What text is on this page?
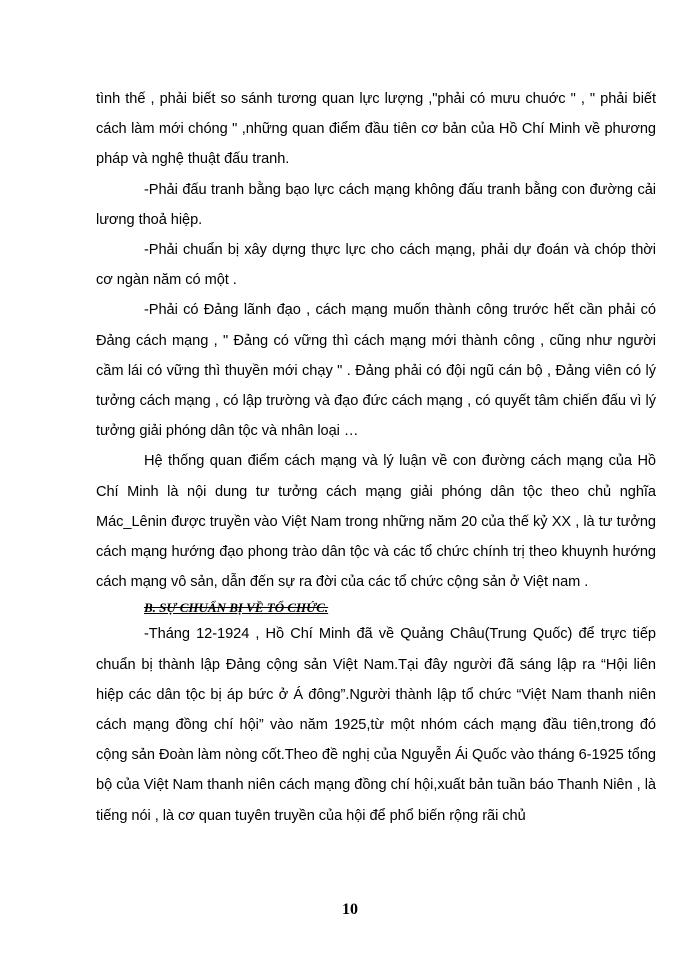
tình thế , phải biết so sánh tương quan lực lượng ,"phải có mưu chuớc " , " phải biết cách làm mới chóng " ,những quan điểm đầu tiên cơ bản của Hồ Chí Minh về phương pháp và nghệ thuật đấu tranh.

-Phải đấu tranh bằng bạo lực cách mạng không đấu tranh bằng con đường cải lương thoả hiệp.

-Phải chuẩn bị xây dựng thực lực cho cách mạng, phải dự đoán và chóp thời cơ ngàn năm có một .

-Phải có Đảng lãnh đạo , cách mạng muốn thành công trước hết cần phải có Đảng cách mạng , " Đảng có vững thì cách mạng mới thành công , cũng như người cầm lái có vững thì thuyền mới chạy " . Đảng phải có đội ngũ cán bộ , Đảng viên có lý tưởng cách mạng , có lập trường và đạo đức cách mạng , có quyết tâm chiến đấu vì lý tưởng giải phóng dân tộc và nhân loại …

Hệ thống quan điểm cách mạng và lý luận về con đường cách mạng của Hồ Chí Minh là nội dung tư tưởng cách mạng giải phóng dân tộc theo chủ nghĩa Mác_Lênin được truyền vào Việt Nam trong những năm 20 của thế kỷ XX , là tư tưởng cách mạng hướng đạo phong trào dân tộc và các tổ chức chính trị theo khuynh hướng cách mạng vô sản, dẫn đến sự ra đời của các tổ chức cộng sản ở Việt nam .

B. SỰ CHUẨN BỊ VỀ TỔ CHỨC.

-Tháng 12-1924 , Hồ Chí Minh đã về Quảng Châu(Trung Quốc) để trực tiếp chuẩn bị thành lập Đảng cộng sản Việt Nam.Tại đây người đã sáng lập ra “Hội liên hiệp các dân tộc bị áp bức ở Á đông”.Người thành lập tổ chức “Việt Nam thanh niên cách mạng đồng chí hội” vào năm 1925,từ một nhóm cách mạng đầu tiên,trong đó cộng sản Đoàn làm nòng cốt.Theo đề nghị của Nguyễn Ái Quốc vào tháng 6-1925 tổng bộ của Việt Nam thanh niên cách mạng đồng chí hội,xuất bản tuần báo Thanh Niên , là tiếng nói , là cơ quan tuyên truyền của hội để phổ biến rộng rãi chủ

10
